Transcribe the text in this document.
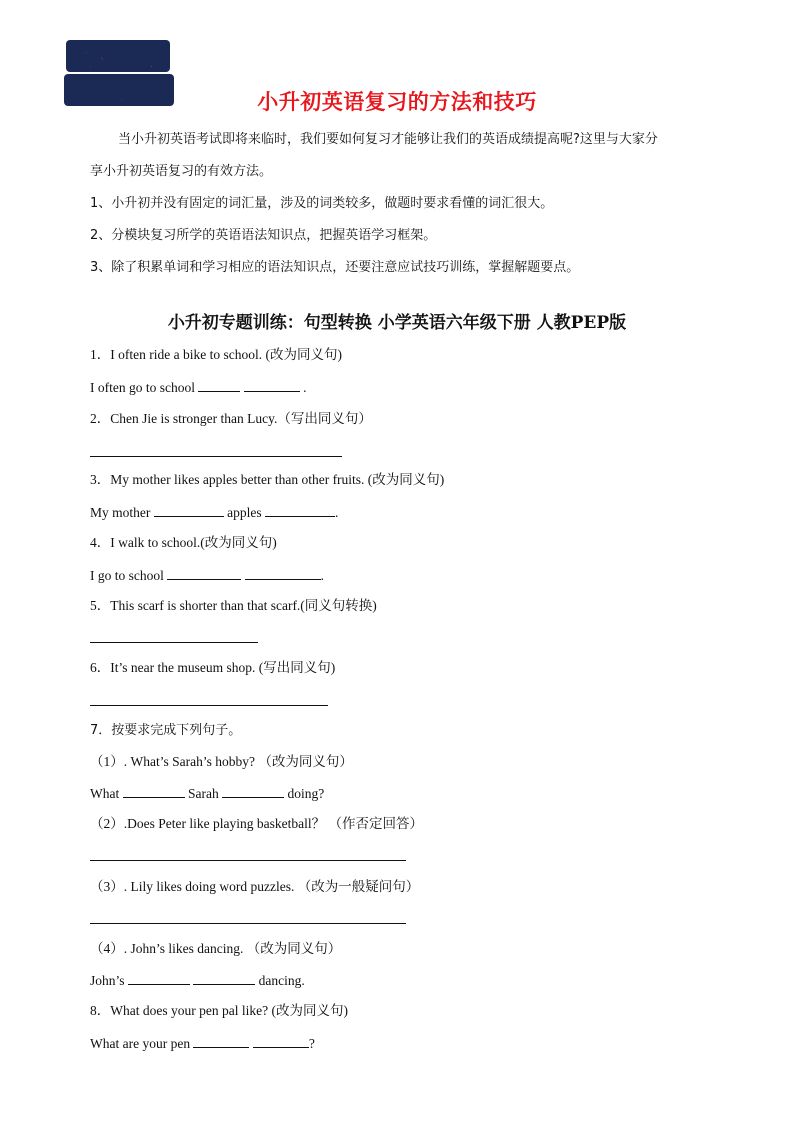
小升初
提分班	小升初英语复习的方法和技巧
当小升初英语考试即将来临时，我们要如何复习才能够让我们的英语成绩提高呢?这里与大家分
享小升初英语复习的有效方法。
1、小升初并没有固定的词汇量，涉及的词类较多，做题时要求看懂的词汇很大。
2、分模块复习所学的英语语法知识点，把握英语学习框架。
3、除了积累单词和学习相应的语法知识点，还要注意应试技巧训练，掌握解题要点。
小升初专题训练：句型转换 小学英语六年级下册 人教PEP版
1．I often ride a bike to school. (改为同义句)
I often go to school	.
2．Chen Jie is stronger than Lucy.（写出同义句）
3．My mother likes apples better than other fruits. (改为同义句)
My mother	apples	.
4．I walk to school.(改为同义句)
I go to school	.
5．This scarf is shorter than that scarf.(同义句转换)
6．It’s near the museum shop. (写出同义句)
7．按要求完成下列句子。
（1）. What’s Sarah’s hobby? （改为同义句）
What	Sarah	doing?
（2）.Does Peter like playing basketball？ （作否定回答）
（3）. Lily likes doing word puzzles. （改为一般疑问句）
（4）. John’s likes dancing. （改为同义句）
John’s	dancing.
8．What does your pen pal like? (改为同义句)
What are your pen	?
